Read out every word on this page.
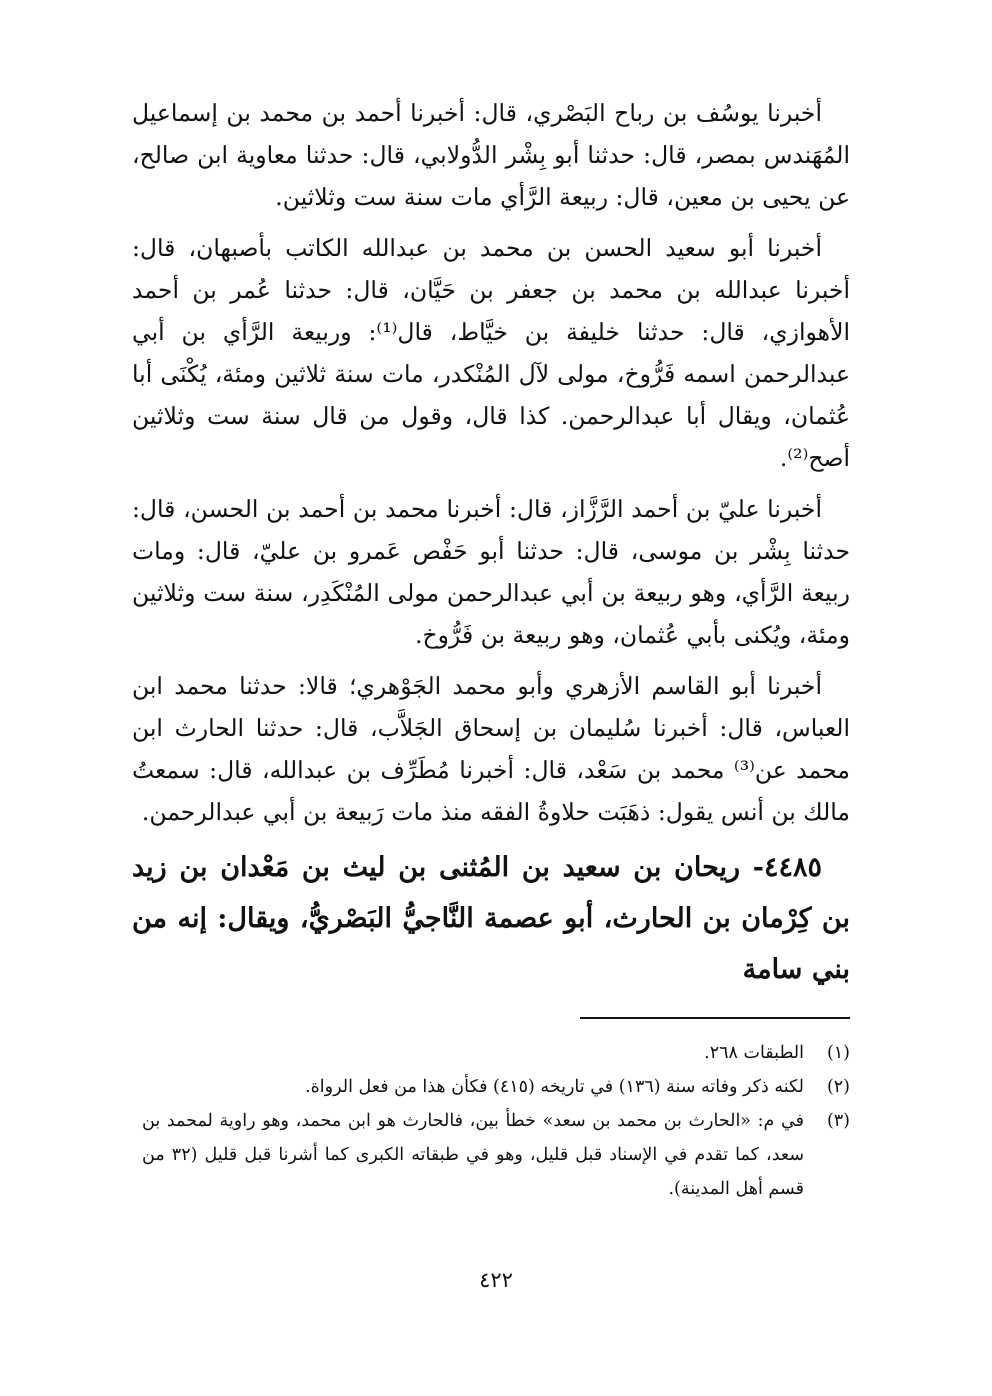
أخبرنا يوسُف بن رباح البَصْري، قال: أخبرنا أحمد بن محمد بن إسماعيل المُهَندس بمصر، قال: حدثنا أبو بِشْر الدُّولابي، قال: حدثنا معاوية ابن صالح، عن يحيى بن معين، قال: ربيعة الرَّأي مات سنة ست وثلاثين.

أخبرنا أبو سعيد الحسن بن محمد بن عبدالله الكاتب بأصبهان، قال: أخبرنا عبدالله بن محمد بن جعفر بن حَيَّان، قال: حدثنا عُمر بن أحمد الأهوازي، قال: حدثنا خليفة بن خيَّاط، قال⁽¹⁾: وربيعة الرَّأي بن أبي عبدالرحمن اسمه فَرُّوخ، مولى لآل المُنْكدر، مات سنة ثلاثين ومئة، يُكْنَى أبا عُثمان، ويقال أبا عبدالرحمن. كذا قال، وقول من قال سنة ست وثلاثين أصح⁽²⁾.

أخبرنا عليّ بن أحمد الرَّزَّاز، قال: أخبرنا محمد بن أحمد بن الحسن، قال: حدثنا بِشْر بن موسى، قال: حدثنا أبو حَفْص عَمرو بن عليّ، قال: ومات ربيعة الرَّأي، وهو ربيعة بن أبي عبدالرحمن مولى المُنْكَدِر، سنة ست وثلاثين ومئة، ويُكنى بأبي عُثمان، وهو ربيعة بن فَرُّوخ.

أخبرنا أبو القاسم الأزهري وأبو محمد الجَوْهري؛ قالا: حدثنا محمد ابن العباس، قال: أخبرنا سُليمان بن إسحاق الجَلاَّب، قال: حدثنا الحارث ابن محمد عن⁽³⁾ محمد بن سَعْد، قال: أخبرنا مُطَرِّف بن عبدالله، قال: سمعتُ مالك بن أنس يقول: ذهَبَت حلاوةُ الفقه منذ مات رَبيعة بن أبي عبدالرحمن.

٤٤٨٥- ريحان بن سعيد بن المُثنى بن ليث بن مَعْدان بن زيد بن كِرْمان بن الحارث، أبو عصمة النَّاجيُّ البَصْريُّ، ويقال: إنه من بني سامة

(١)
الطبقات ٢٦٨.
(٢)
لكنه ذكر وفاته سنة (١٣٦) في تاريخه (٤١٥) فكأن هذا من فعل الرواة.
(٣)
في م: «الحارث بن محمد بن سعد» خطأ بين، فالحارث هو ابن محمد، وهو راوية لمحمد بن سعد، كما تقدم في الإسناد قبل قليل، وهو في طبقاته الكبرى كما أشرنا قبل قليل (٣٢ من قسم أهل المدينة).
٤٢٢
